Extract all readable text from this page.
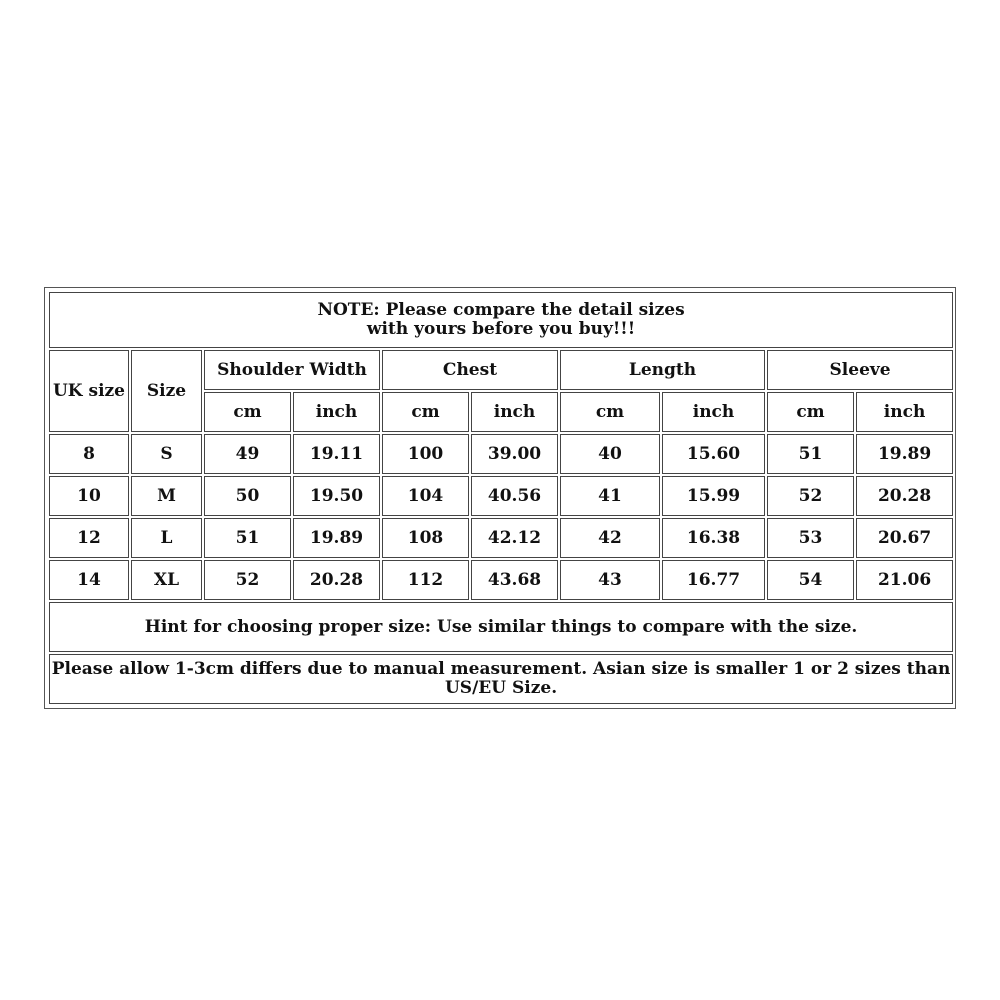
NOTE: Please compare the detail sizes
with yours before you buy!!!									

UK size	Size	Shoulder Width		Chest		Length		Sleeve	
		cm	inch	cm	inch	cm	inch	cm	inch
8	S	49	19.11	100	39.00	40	15.60	51	19.89
10	M	50	19.50	104	40.56	41	15.99	52	20.28
12	L	51	19.89	108	42.12	42	16.38	53	20.67
14	XL	52	20.28	112	43.68	43	16.77	54	21.06
Hint for choosing proper size: Use similar things to compare with the size.									
Please allow 1-3cm differs due to manual measurement. Asian size is smaller 1 or 2 sizes than US/EU Size.									
